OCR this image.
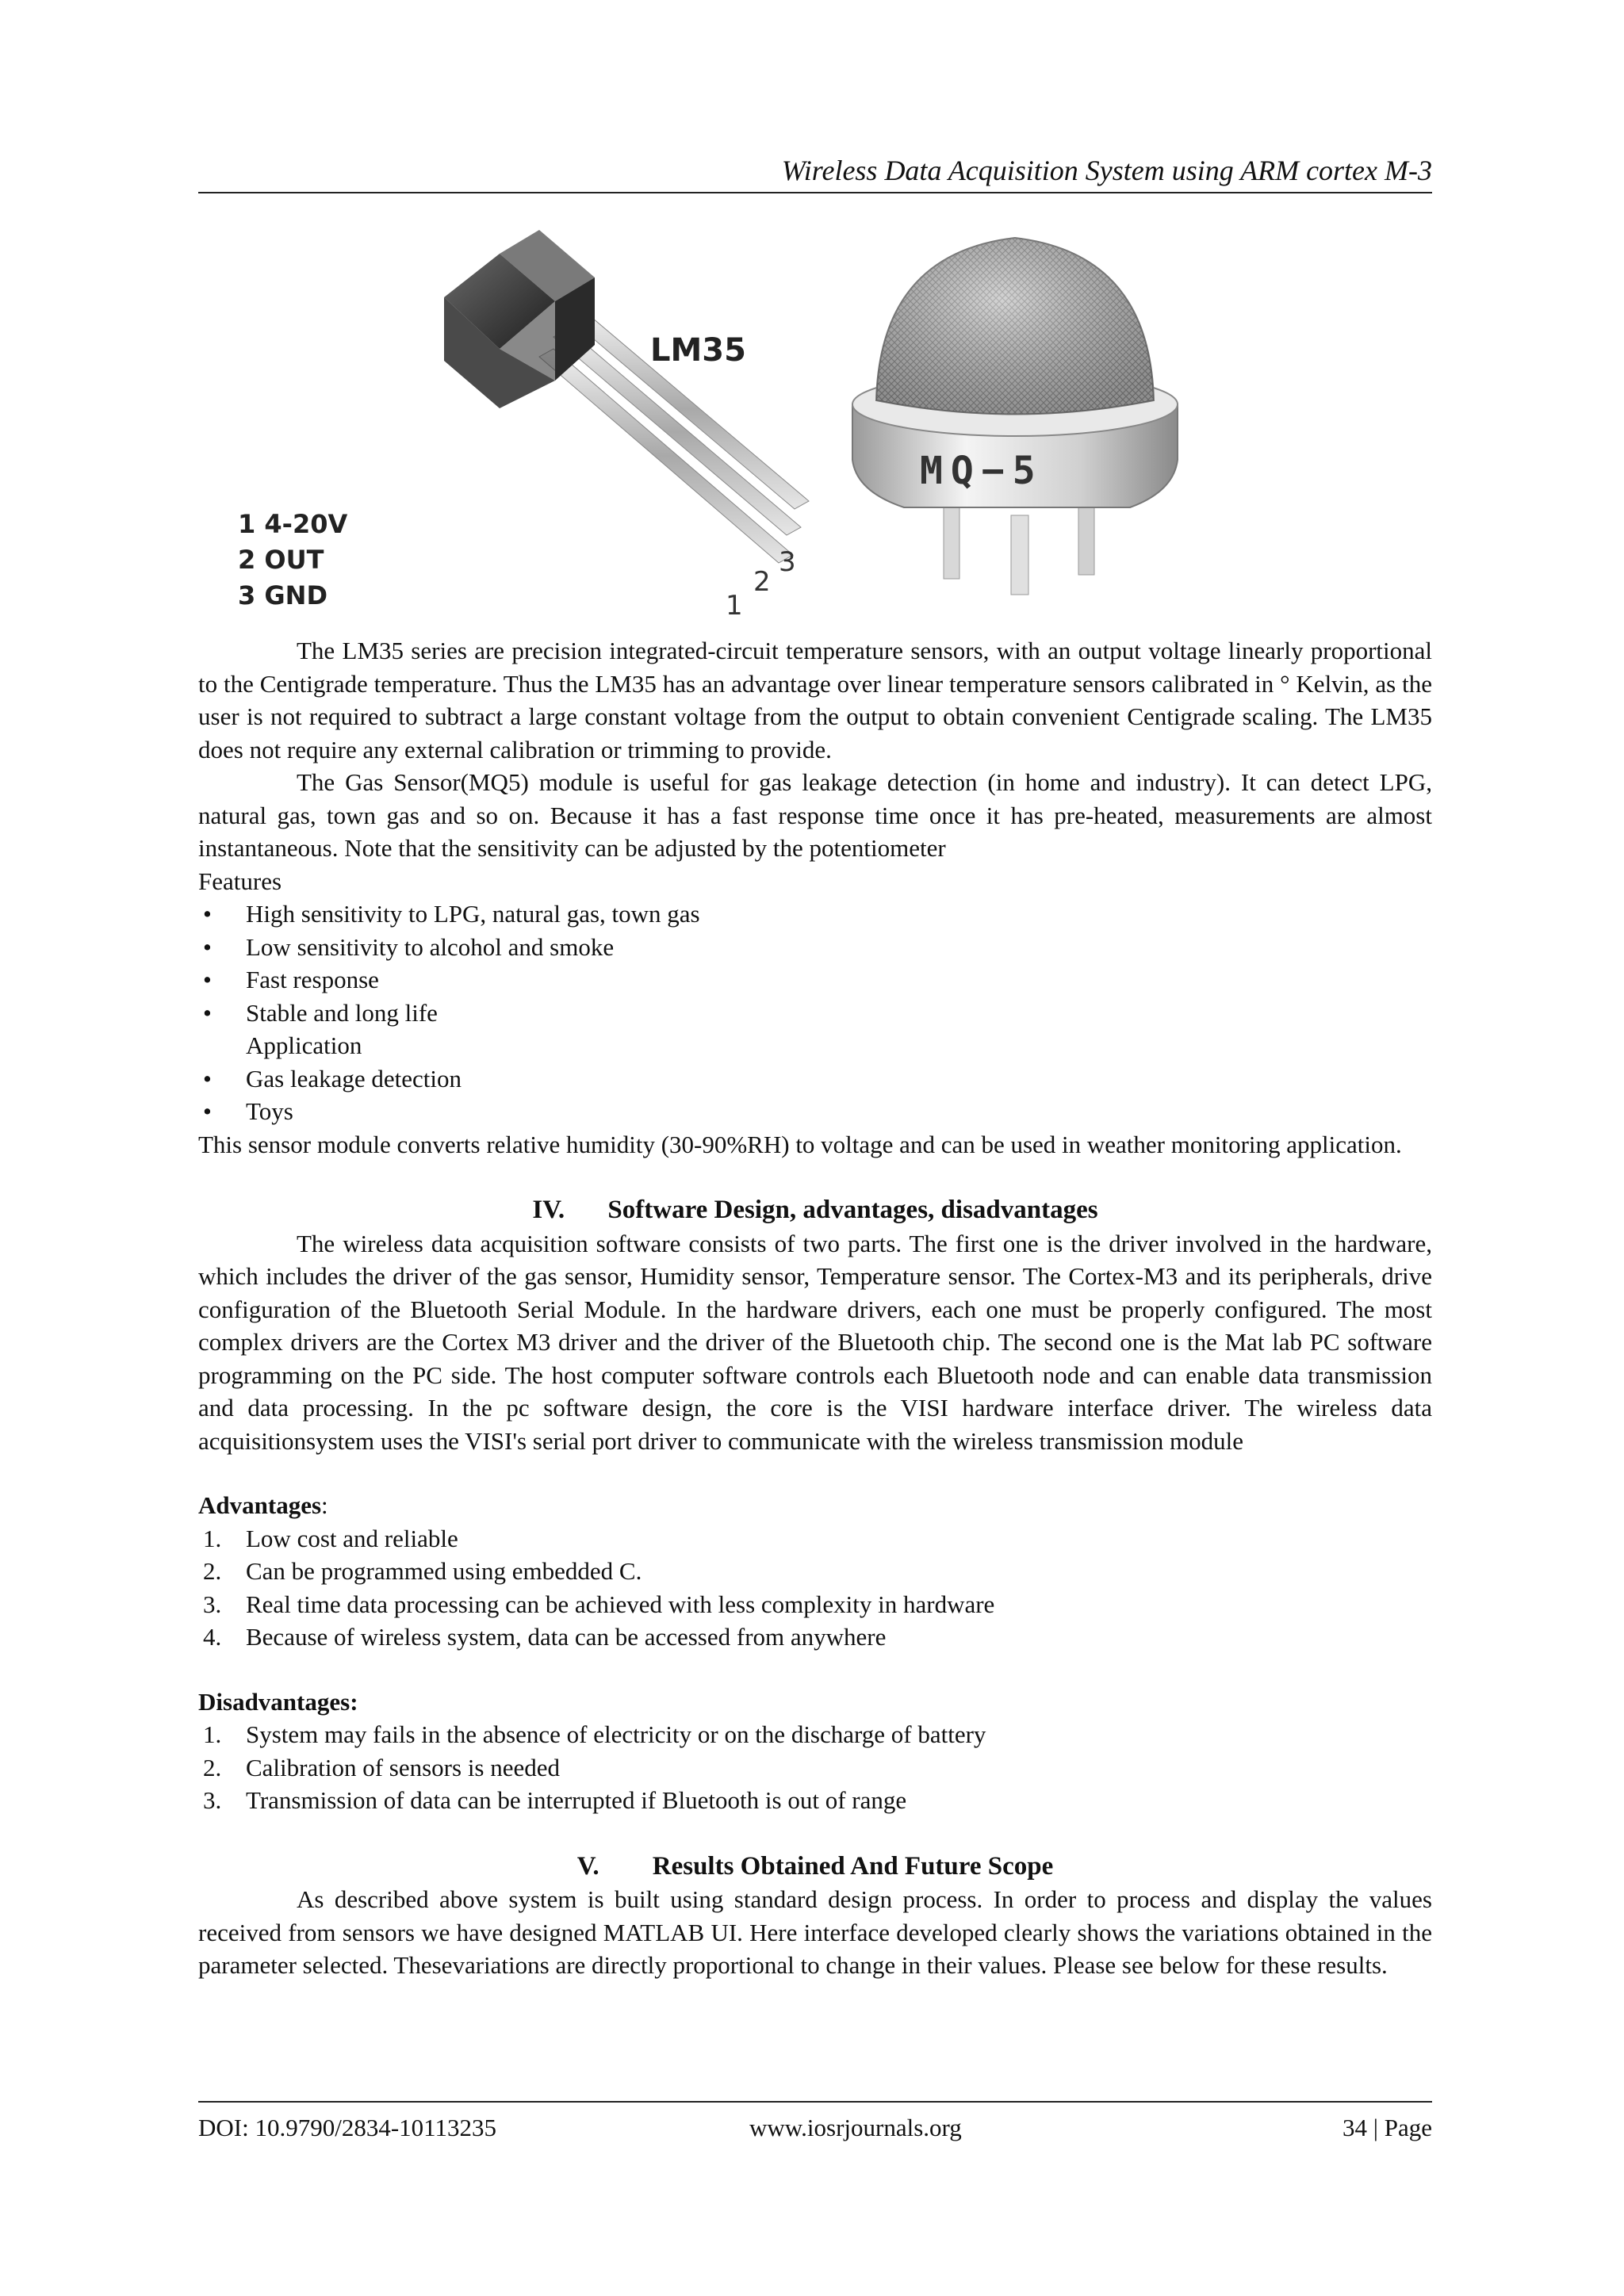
Wireless Data Acquisition System using ARM cortex M-3
LM35
1 4-20V
2 OUT
3 GND	1
2
3
MQ−5

The LM35 series are precision integrated-circuit temperature sensors, with an output voltage linearly proportional to the Centigrade temperature. Thus the LM35 has an advantage over linear temperature sensors calibrated in ° Kelvin, as the user is not required to subtract a large constant voltage from the output to obtain convenient Centigrade scaling. The LM35 does not require any external calibration or trimming to provide.

The Gas Sensor(MQ5) module is useful for gas leakage detection (in home and industry). It can detect LPG, natural gas, town gas and so on. Because it has a fast response time once it has pre-heated, measurements are almost instantaneous. Note that the sensitivity can be adjusted by the potentiometer

Features

• High sensitivity to LPG, natural gas, town gas
• Low sensitivity to alcohol and smoke
• Fast response
• Stable and long life
Application
• Gas leakage detection
• Toys

This sensor module converts relative humidity (30-90%RH) to voltage and can be used in weather monitoring application.

IV. Software Design, advantages, disadvantages

The wireless data acquisition software consists of two parts. The first one is the driver involved in the hardware, which includes the driver of the gas sensor, Humidity sensor, Temperature sensor. The Cortex-M3 and its peripherals, drive configuration of the Bluetooth Serial Module. In the hardware drivers, each one must be properly configured. The most complex drivers are the Cortex M3 driver and the driver of the Bluetooth chip. The second one is the Mat lab PC software programming on the PC side. The host computer software controls each Bluetooth node and can enable data transmission and data processing. In the pc software design, the core is the VISI hardware interface driver. The wireless data acquisitionsystem uses the VISI's serial port driver to communicate with the wireless transmission module

Advantages:

1. Low cost and reliable
2. Can be programmed using embedded C.
3. Real time data processing can be achieved with less complexity in hardware
4. Because of wireless system, data can be accessed from anywhere

Disadvantages:

1. System may fails in the absence of electricity or on the discharge of battery
2. Calibration of sensors is needed
3. Transmission of data can be interrupted if Bluetooth is out of range
V. Results Obtained And Future Scope

As described above system is built using standard design process. In order to process and display the values received from sensors we have designed MATLAB UI. Here interface developed clearly shows the variations obtained in the parameter selected. Thesevariations are directly proportional to change in their values. Please see below for these results.

DOI: 10.9790/2834-10113235	www.iosrjournals.org	34 | Page
